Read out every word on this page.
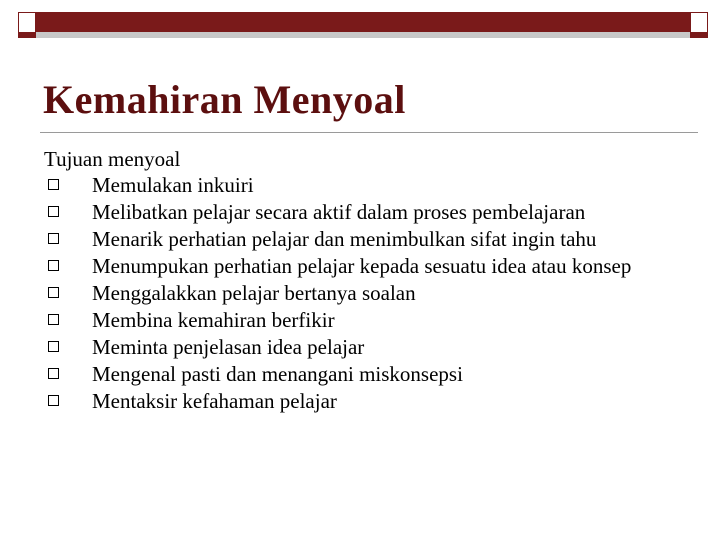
Kemahiran Menyoal

Tujuan menyoal

Memulakan inkuiri
Melibatkan pelajar secara aktif dalam proses pembelajaran
Menarik perhatian pelajar dan menimbulkan sifat ingin tahu
Menumpukan perhatian pelajar kepada sesuatu idea atau konsep
Menggalakkan pelajar bertanya soalan
Membina kemahiran berfikir
Meminta penjelasan idea pelajar
Mengenal pasti dan menangani miskonsepsi
Mentaksir kefahaman pelajar
